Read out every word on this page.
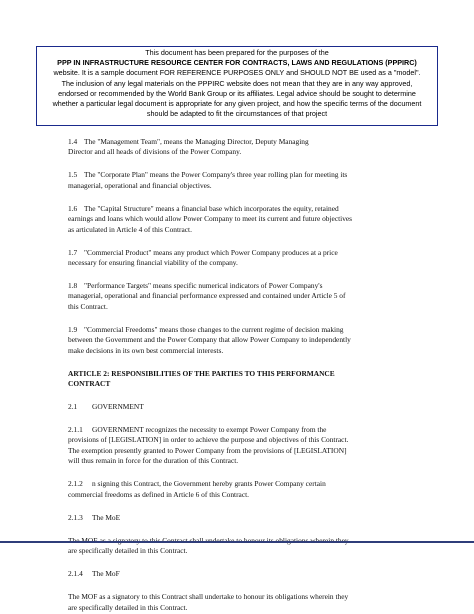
This document has been prepared for the purposes of the
PPP IN INFRASTRUCTURE RESOURCE CENTER FOR CONTRACTS, LAWS AND REGULATIONS (PPPIRC)
website. It is a sample document FOR REFERENCE PURPOSES ONLY and SHOULD NOT BE used as a "model".
The inclusion of any legal materials on the PPPIRC website does not mean that they are in any way approved,
endorsed or recommended by the World Bank Group or its affiliates. Legal advice should be sought to determine
whether a particular legal document is appropriate for any given project, and how the specific terms of the document
should be adapted to fit the circumstances of that project
1.4 The "Management Team", means the Managing Director, Deputy Managing
Director and all heads of divisions of the Power Company.
1.5 The "Corporate Plan" means the Power Company's three year rolling plan for meeting its
managerial, operational and financial objectives.
1.6 The "Capital Structure" means a financial base which incorporates the equity, retained
earnings and loans which would allow Power Company to meet its current and future objectives
as articulated in Article 4 of this Contract.
1.7 "Commercial Product" means any product which Power Company produces at a price
necessary for ensuring financial viability of the company.
1.8 "Performance Targets" means specific numerical indicators of Power Company's
managerial, operational and financial performance expressed and contained under Article 5 of
this Contract.
1.9 "Commercial Freedoms" means those changes to the current regime of decision making
between the Government and the Power Company that allow Power Company to independently
make decisions in its own best commercial interests.
ARTICLE 2: RESPONSIBILITIES OF THE PARTIES TO THIS PERFORMANCE
CONTRACT
2.1 GOVERNMENT
2.1.1 GOVERNMENT recognizes the necessity to exempt Power Company from the
provisions of [LEGISLATION] in order to achieve the purpose and objectives of this Contract.
The exemption presently granted to Power Company from the provisions of [LEGISLATION]
will thus remain in force for the duration of this Contract.
2.1.2 n signing this Contract, the Government hereby grants Power Company certain
commercial freedoms as defined in Article 6 of this Contract.
2.1.3 The MoE
are specifically detailed in this Contract.
2.1.4 The MoF
The MOF as a signatory to this Contract shall undertake to honour its obligations wherein they
are specifically detailed in this Contract.
